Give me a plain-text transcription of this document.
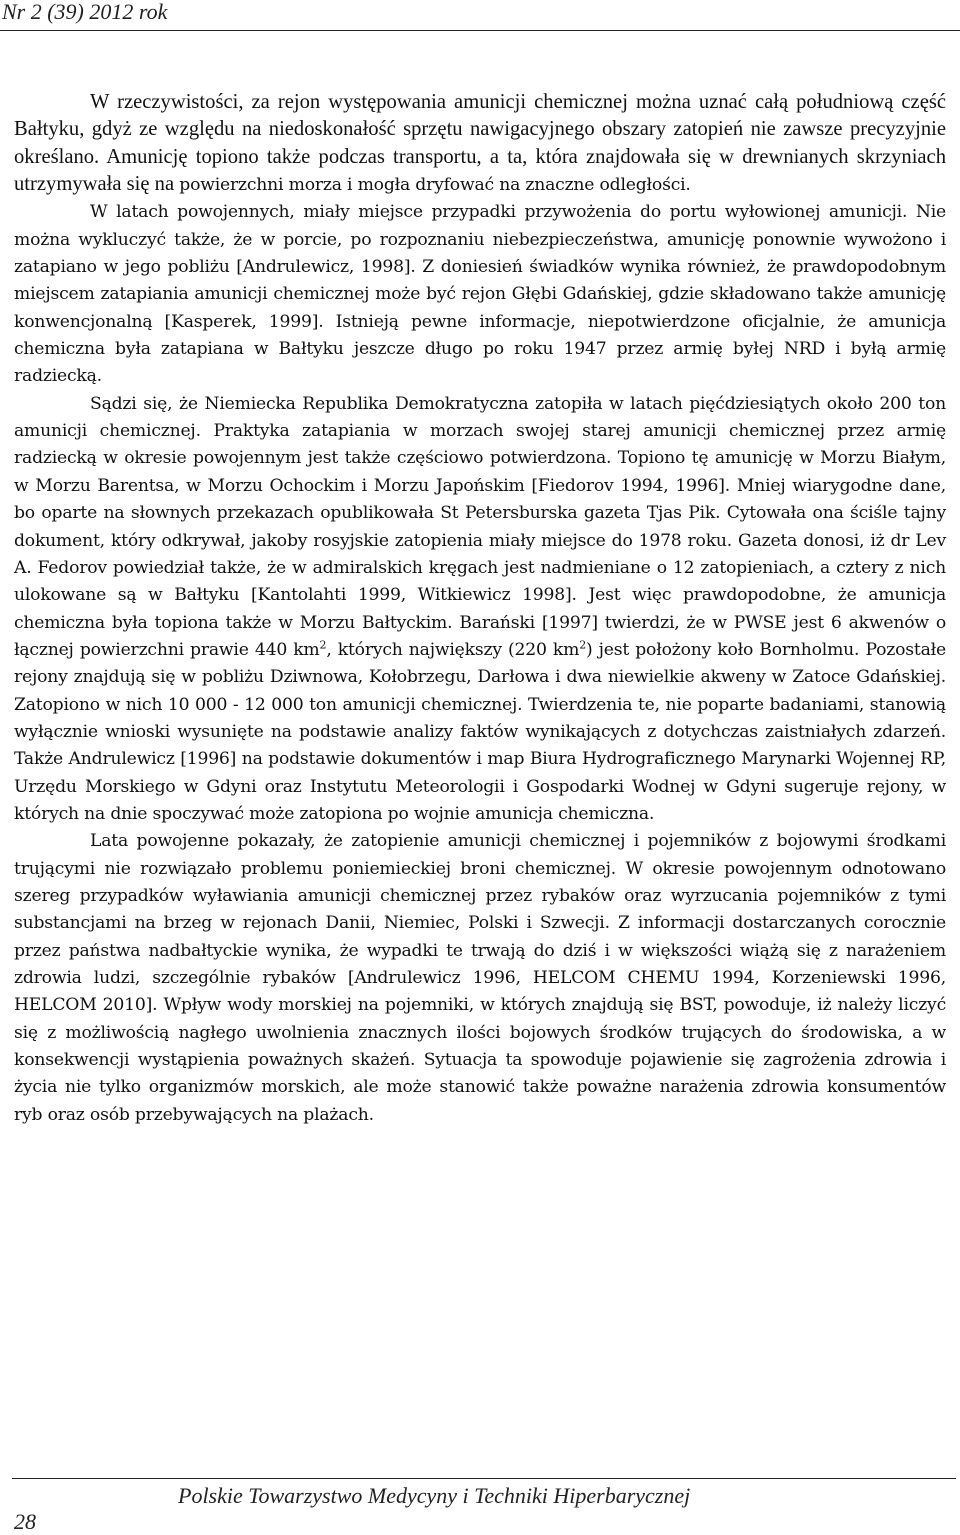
Nr 2 (39) 2012 rok

W rzeczywistości, za rejon występowania amunicji chemicznej można uznać całą południową część Bałtyku, gdyż ze względu na niedoskonałość sprzętu nawigacyjnego obszary zatopień nie zawsze precyzyjnie określano. Amunicję topiono także podczas transportu, a ta, która znajdowała się w drewnianych skrzyniach utrzymywała się na powierzchni morza i mogła dryfować na znaczne odległości.

W latach powojennych, miały miejsce przypadki przywożenia do portu wyłowionej amunicji. Nie można wykluczyć także, że w porcie, po rozpoznaniu niebezpieczeństwa, amunicję ponownie wywożono i zatapiano w jego pobliżu [Andrulewicz, 1998]. Z doniesień świadków wynika również, że prawdopodobnym miejscem zatapiania amunicji chemicznej może być rejon Głębi Gdańskiej, gdzie składowano także amunicję konwencjonalną [Kasperek, 1999]. Istnieją pewne informacje, niepotwierdzone oficjalnie, że amunicja chemiczna była zatapiana w Bałtyku jeszcze długo po roku 1947 przez armię byłej NRD i byłą armię radziecką.

Sądzi się, że Niemiecka Republika Demokratyczna zatopiła w latach pięćdziesiątych około 200 ton amunicji chemicznej. Praktyka zatapiania w morzach swojej starej amunicji chemicznej przez armię radziecką w okresie powojennym jest także częściowo potwierdzona. Topiono tę amunicję w Morzu Białym, w Morzu Barentsa, w Morzu Ochockim i Morzu Japońskim [Fiedorov 1994, 1996]. Mniej wiarygodne dane, bo oparte na słownych przekazach opublikowała St Petersburska gazeta Tjas Pik. Cytowała ona ściśle tajny dokument, który odkrywał, jakoby rosyjskie zatopienia miały miejsce do 1978 roku. Gazeta donosi, iż dr Lev A. Fedorov powiedział także, że w admiralskich kręgach jest nadmieniane o 12 zatopieniach, a cztery z nich ulokowane są w Bałtyku [Kantolahti 1999, Witkiewicz 1998]. Jest więc prawdopodobne, że amunicja chemiczna była topiona także w Morzu Bałtyckim. Barański [1997] twierdzi, że w PWSE jest 6 akwenów o łącznej powierzchni prawie 440 $km^2$, których największy (220 $km^2$) jest położony koło Bornholmu. Pozostałe rejony znajdują się w pobliżu Dziwnowa, Kołobrzegu, Darłowa i dwa niewielkie akweny w Zatoce Gdańskiej. Zatopiono w nich 10 000 - 12 000 ton amunicji chemicznej. Twierdzenia te, nie poparte badaniami, stanowią wyłącznie wnioski wysunięte na podstawie analizy faktów wynikających z dotychczas zaistniałych zdarzeń. Także Andrulewicz [1996] na podstawie dokumentów i map Biura Hydrograficznego Marynarki Wojennej RP, Urzędu Morskiego w Gdyni oraz Instytutu Meteorologii i Gospodarki Wodnej w Gdyni sugeruje rejony, w których na dnie spoczywać może zatopiona po wojnie amunicja chemiczna.

Lata powojenne pokazały, że zatopienie amunicji chemicznej i pojemników z bojowymi środkami trującymi nie rozwiązało problemu poniemieckiej broni chemicznej. W okresie powojennym odnotowano szereg przypadków wyławiania amunicji chemicznej przez rybaków oraz wyrzucania pojemników z tymi substancjami na brzeg w rejonach Danii, Niemiec, Polski i Szwecji. Z informacji dostarczanych corocznie przez państwa nadbałtyckie wynika, że wypadki te trwają do dziś i w większości wiążą się z narażeniem zdrowia ludzi, szczególnie rybaków [Andrulewicz 1996, HELCOM CHEMU 1994, Korzeniewski 1996, HELCOM 2010]. Wpływ wody morskiej na pojemniki, w których znajdują się BST, powoduje, iż należy liczyć się z możliwością nagłego uwolnienia znacznych ilości bojowych środków trujących do środowiska, a w konsekwencji wystąpienia poważnych skażeń. Sytuacja ta spowoduje pojawienie się zagrożenia zdrowia i życia nie tylko organizmów morskich, ale może stanowić także poważne narażenia zdrowia konsumentów ryb oraz osób przebywających na plażach.

Polskie Towarzystwo Medycyny i Techniki Hiperbarycznej
28
